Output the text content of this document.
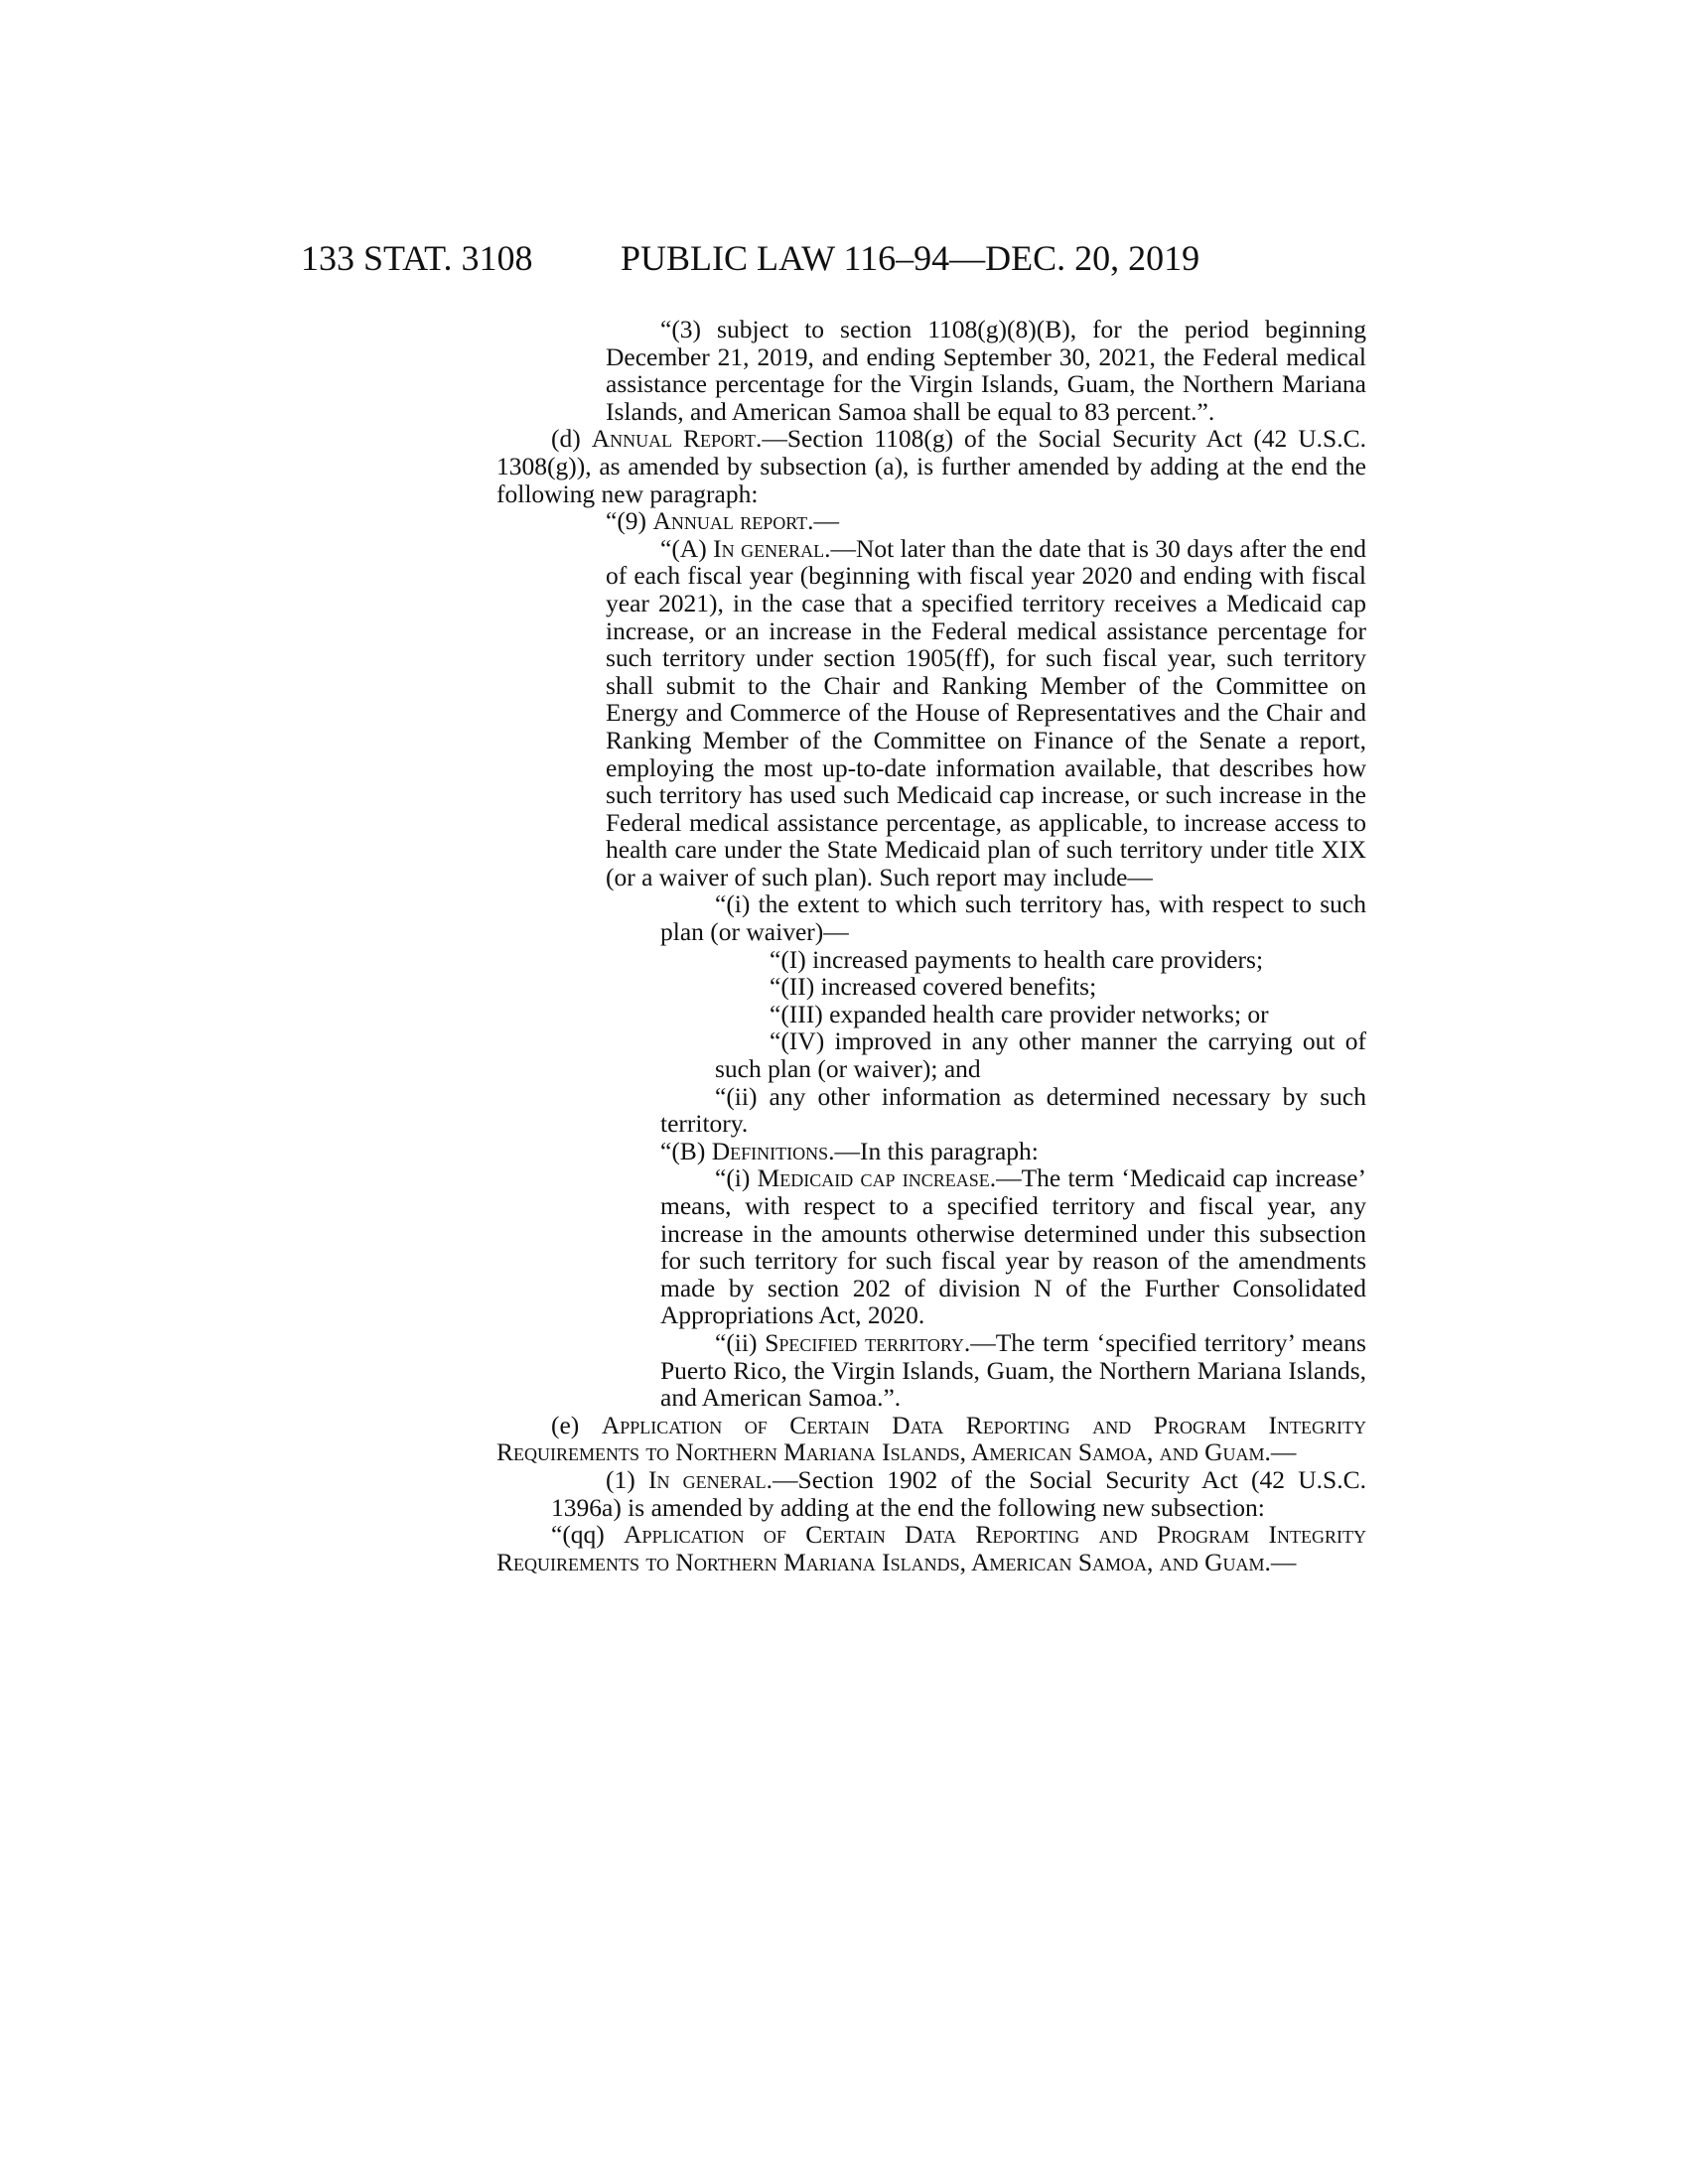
133 STAT. 3108 PUBLIC LAW 116–94—DEC. 20, 2019

“(3) subject to section 1108(g)(8)(B), for the period beginning December 21, 2019, and ending September 30, 2021, the Federal medical assistance percentage for the Virgin Islands, Guam, the Northern Mariana Islands, and American Samoa shall be equal to 83 percent.”.

(d) Annual Report.—Section 1108(g) of the Social Security Act (42 U.S.C. 1308(g)), as amended by subsection (a), is further amended by adding at the end the following new paragraph:

“(9) Annual report.—

“(A) In general.—Not later than the date that is 30 days after the end of each fiscal year (beginning with fiscal year 2020 and ending with fiscal year 2021), in the case that a specified territory receives a Medicaid cap increase, or an increase in the Federal medical assistance percentage for such territory under section 1905(ff), for such fiscal year, such territory shall submit to the Chair and Ranking Member of the Committee on Energy and Commerce of the House of Representatives and the Chair and Ranking Member of the Committee on Finance of the Senate a report, employing the most up-to-date information available, that describes how such territory has used such Medicaid cap increase, or such increase in the Federal medical assistance percentage, as applicable, to increase access to health care under the State Medicaid plan of such territory under title XIX (or a waiver of such plan). Such report may include—

“(i) the extent to which such territory has, with respect to such plan (or waiver)—

“(I) increased payments to health care providers;

“(II) increased covered benefits;

“(III) expanded health care provider networks; or

“(IV) improved in any other manner the carrying out of such plan (or waiver); and

“(ii) any other information as determined necessary by such territory.

“(B) Definitions.—In this paragraph:

“(i) Medicaid cap increase.—The term ‘Medicaid cap increase’ means, with respect to a specified territory and fiscal year, any increase in the amounts otherwise determined under this subsection for such territory for such fiscal year by reason of the amendments made by section 202 of division N of the Further Consolidated Appropriations Act, 2020.

“(ii) Specified territory.—The term ‘specified territory’ means Puerto Rico, the Virgin Islands, Guam, the Northern Mariana Islands, and American Samoa.”.

(e) Application of Certain Data Reporting and Program Integrity Requirements to Northern Mariana Islands, American Samoa, and Guam.—

(1) In general.—Section 1902 of the Social Security Act (42 U.S.C. 1396a) is amended by adding at the end the following new subsection:

“(qq) Application of Certain Data Reporting and Program Integrity Requirements to Northern Mariana Islands, American Samoa, and Guam.—
